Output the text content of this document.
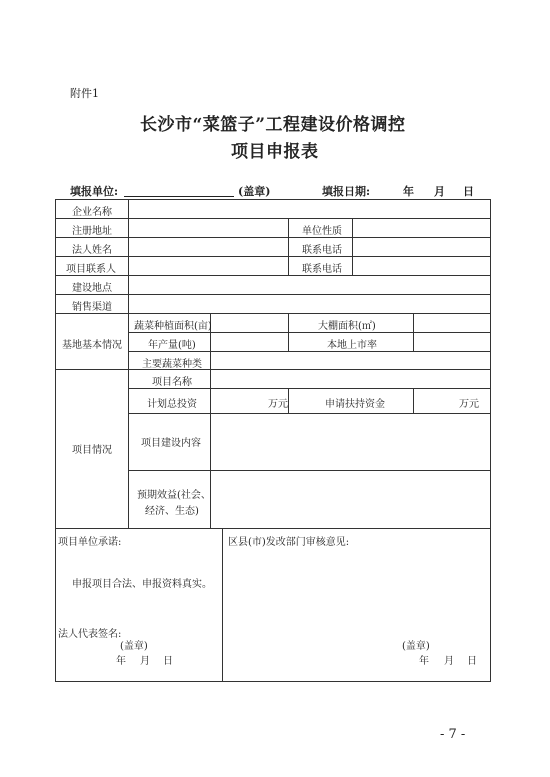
附件1
长沙市“菜篮子”工程建设价格调控
项目申报表
填报单位:	(盖章)	填报日期:	年 月 日
企业名称
注册地址	单位性质
法人姓名	联系电话
项目联系人	联系电话
建设地点
销售渠道
基地基本情况
蔬菜种植面积(亩)	大棚面积(㎡)
年产量(吨)	本地上市率
主要蔬菜种类
项目情况
项目名称
计划总投资	万元	申请扶持资金	万元
项目建设内容
预期效益(社会、
经济、生态)
项目单位承诺:
申报项目合法、申报资料真实。
法人代表签名:
(盖章)
年 月 日
区县(市)发改部门审核意见:
(盖章)
年 月 日
- 7 -
